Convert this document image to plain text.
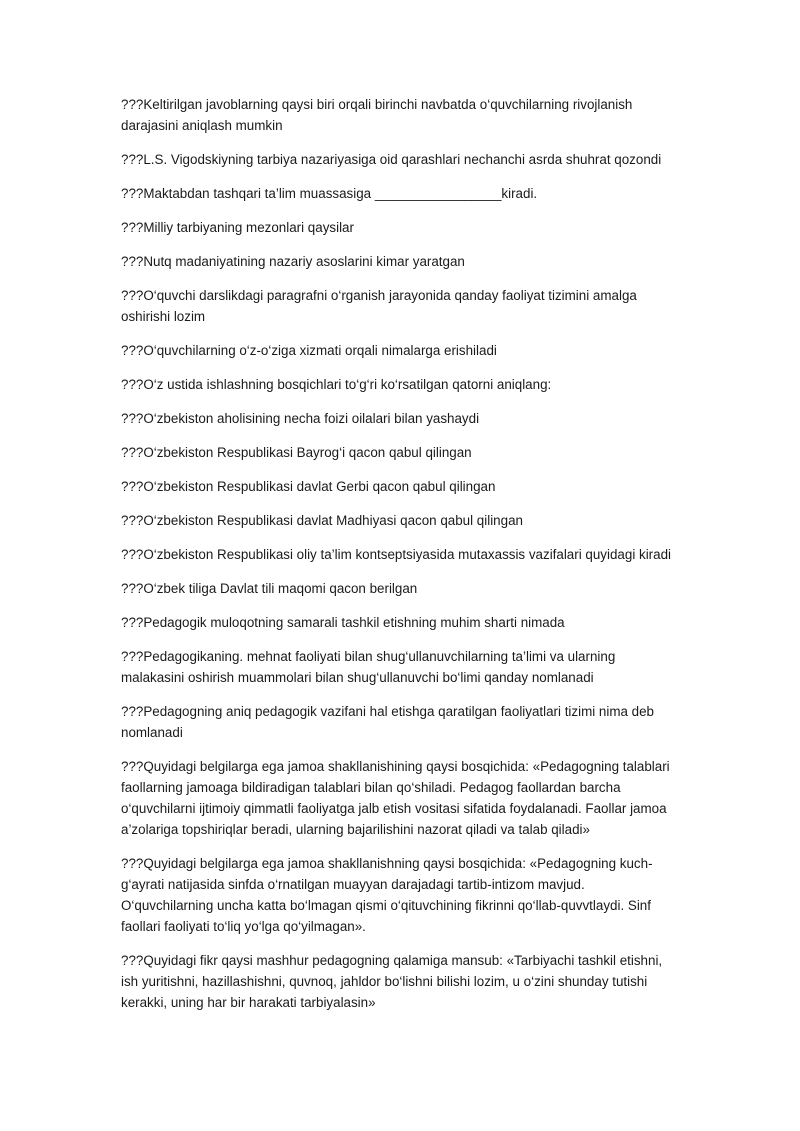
???Keltirilgan javoblarning qaysi biri orqali birinchi navbatda o‘quvchilarning rivojlanish darajasini aniqlash mumkin

???L.S. Vigodskiyning tarbiya nazariyasiga oid qarashlari nechanchi asrda shuhrat qozondi

???Maktabdan tashqari ta’lim muassasiga _________________kiradi.

???Milliy tarbiyaning mezonlari qaysilar

???Nutq madaniyatining nazariy asoslarini kimar yaratgan

???O‘quvchi darslikdagi paragrafni o‘rganish jarayonida qanday faoliyat tizimini amalga oshirishi lozim

???O‘quvchilarning o‘z-o‘ziga xizmati orqali nimalarga erishiladi

???O‘z ustida ishlashning bosqichlari to‘g‘ri ko‘rsatilgan qatorni aniqlang:

???O‘zbekiston aholisining necha foizi oilalari bilan yashaydi

???O‘zbekiston Respublikasi Bayrog‘i qacon qabul qilingan

???O‘zbekiston Respublikasi davlat Gerbi qacon qabul qilingan

???O‘zbekiston Respublikasi davlat Madhiyasi qacon qabul qilingan

???O‘zbekiston Respublikasi oliy ta’lim kontseptsiyasida mutaxassis vazifalari quyidagi kiradi

???O‘zbek tiliga Davlat tili maqomi qacon berilgan

???Pedagogik muloqotning samarali tashkil etishning muhim sharti nimada

???Pedagogikaning. mehnat faoliyati bilan shug‘ullanuvchilarning ta’limi va ularning malakasini oshirish muammolari bilan shug‘ullanuvchi bo‘limi qanday nomlanadi

???Pedagogning aniq pedagogik vazifani hal etishga qaratilgan faoliyatlari tizimi nima deb nomlanadi

???Quyidagi belgilarga ega jamoa shakllanishining qaysi bosqichida: «Pedagogning talablari faollarning jamoaga bildiradigan talablari bilan qo‘shiladi. Pedagog faollardan barcha o‘quvchilarni ijtimoiy qimmatli faoliyatga jalb etish vositasi sifatida foydalanadi. Faollar jamoa a’zolariga topshiriqlar beradi, ularning bajarilishini nazorat qiladi va talab qiladi»

???Quyidagi belgilarga ega jamoa shakllanishning qaysi bosqichida: «Pedagogning kuch-g‘ayrati natijasida sinfda o‘rnatilgan muayyan darajadagi tartib-intizom mavjud. O‘quvchilarning uncha katta bo‘lmagan qismi o‘qituvchining fikrinni qo‘llab-quvvtlaydi. Sinf faollari faoliyati to‘liq yo‘lga qo‘yilmagan».

???Quyidagi fikr qaysi mashhur pedagogning qalamiga mansub: «Tarbiyachi tashkil etishni, ish yuritishni, hazillashishni, quvnoq, jahldor bo‘lishni bilishi lozim, u o‘zini shunday tutishi kerakki, uning har bir harakati tarbiyalasin»
